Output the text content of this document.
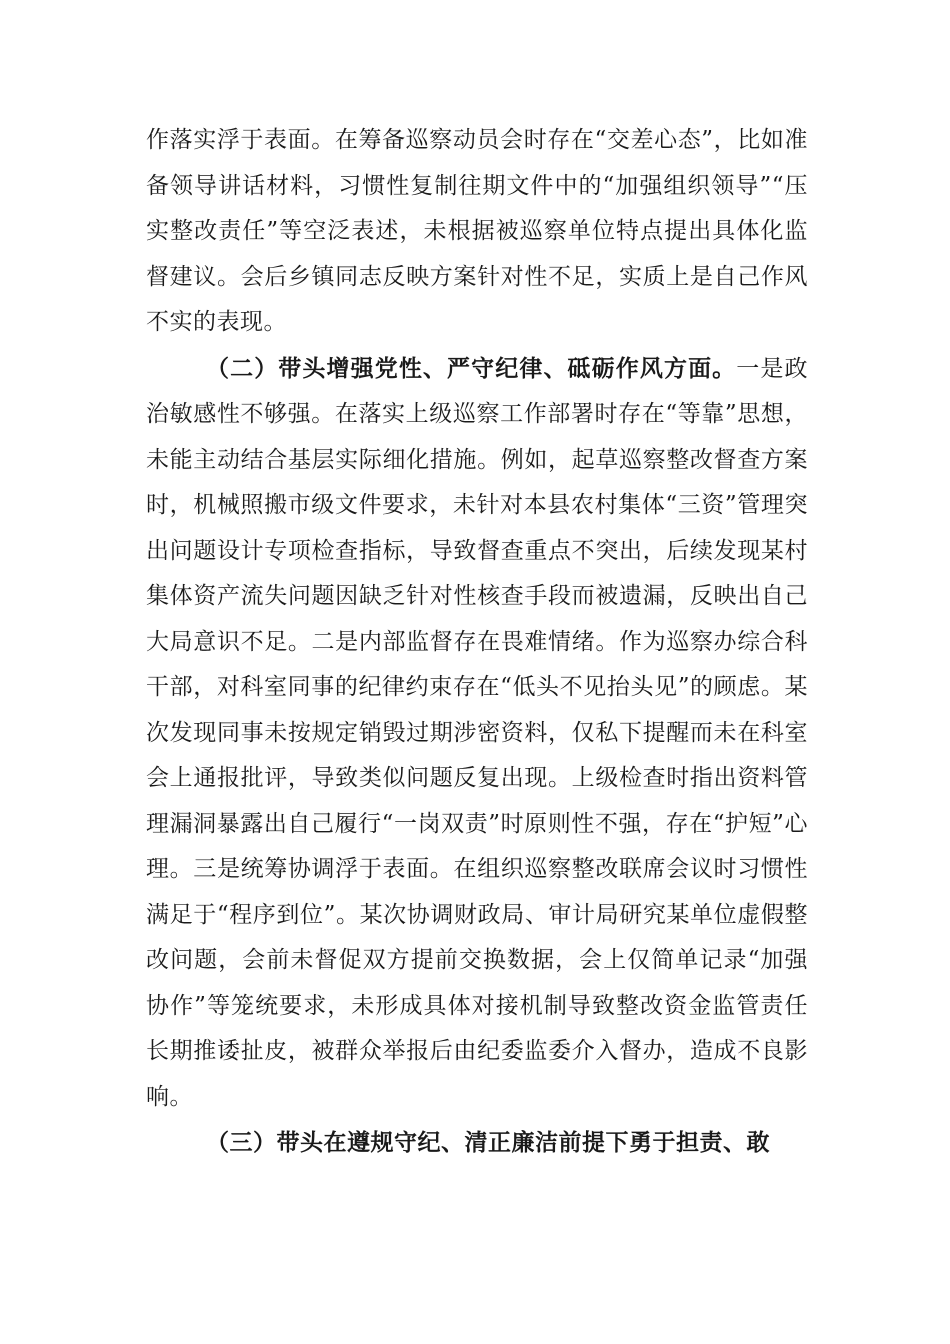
作落实浮于表面。在筹备巡察动员会时存在“交差心态”，比如准备领导讲话材料，习惯性复制往期文件中的“加强组织领导”“压实整改责任”等空泛表述，未根据被巡察单位特点提出具体化监督建议。会后乡镇同志反映方案针对性不足，实质上是自己作风不实的表现。

（二）带头增强党性、严守纪律、砥砺作风方面。一是政治敏感性不够强。在落实上级巡察工作部署时存在“等靠”思想，未能主动结合基层实际细化措施。例如，起草巡察整改督查方案时，机械照搬市级文件要求，未针对本县农村集体“三资”管理突出问题设计专项检查指标，导致督查重点不突出，后续发现某村集体资产流失问题因缺乏针对性核查手段而被遗漏，反映出自己大局意识不足。二是内部监督存在畏难情绪。作为巡察办综合科干部，对科室同事的纪律约束存在“低头不见抬头见”的顾虑。某次发现同事未按规定销毁过期涉密资料，仅私下提醒而未在科室会上通报批评，导致类似问题反复出现。上级检查时指出资料管理漏洞暴露出自己履行“一岗双责”时原则性不强，存在“护短”心理。三是统筹协调浮于表面。在组织巡察整改联席会议时习惯性满足于“程序到位”。某次协调财政局、审计局研究某单位虚假整改问题，会前未督促双方提前交换数据，会上仅简单记录“加强协作”等笼统要求，未形成具体对接机制导致整改资金监管责任长期推诿扯皮，被群众举报后由纪委监委介入督办，造成不良影响。

（三）带头在遵规守纪、清正廉洁前提下勇于担责、敢
